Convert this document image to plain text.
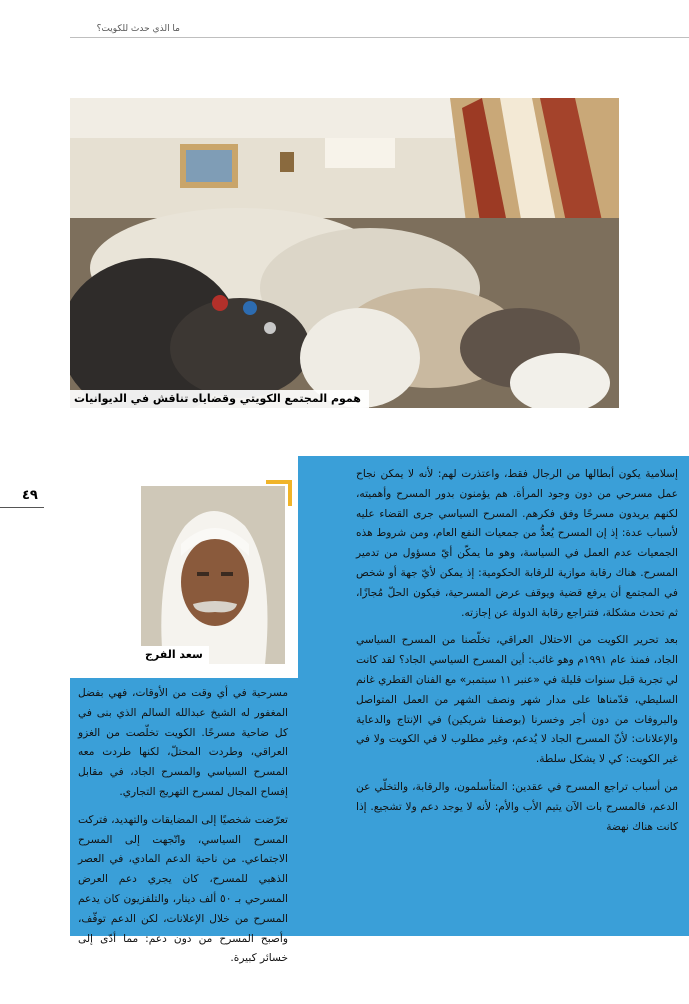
ما الذي حدث للكويت؟
هموم المجتمع الكويتي وقضاياه تناقش في الديوانيات
٤٩
سعد الفرج

إسلامية يكون أبطالها من الرجال فقط، واعتذرت لهم: لأنه لا يمكن نجاح عمل مسرحي من دون وجود المرأة. هم يؤمنون بدور المسرح وأهميته، لكنهم يريدون مسرحًا وفق فكرهم. المسرح السياسي جرى القضاء عليه لأسباب عدة: إذ إن المسرح يُعدُّ من جمعيات النفع العام، ومن شروط هذه الجمعيات عدم العمل في السياسة، وهو ما يمكّن أيّ مسؤول من تدمير المسرح. هناك رقابة موازية للرقابة الحكومية: إذ يمكن لأيّ جهة أو شخص في المجتمع أن يرفع قضية ويوقف عرض المسرحية، فيكون الحلّ مُجازًا، ثم تحدث مشكلة، فتتراجع رقابة الدولة عن إجازته.

بعد تحرير الكويت من الاحتلال العراقي، تخلّصنا من المسرح السياسي الجاد، فمنذ عام ١٩٩١م وهو غائب: أين المسرح السياسي الجاد؟ لقد كانت لي تجربة قبل سنوات قليلة في «عنبر ١١ سبتمبر» مع الفنان القطري غانم السليطي، قدّمناها على مدار شهر ونصف الشهر من العمل المتواصل والبروفات من دون أجر وخسرنا (بوصفنا شريكين) في الإنتاج والدعاية والإعلانات: لأنّ المسرح الجاد لا يُدعم، وغير مطلوب لا في الكويت ولا في غير الكويت: كي لا يشكل سلطة.

من أسباب تراجع المسرح في عقدين: المتأسلمون، والرقابة، والتخلّي عن الدعم، فالمسرح بات الآن يتيم الأب والأم: لأنه لا يوجد دعم ولا تشجيع. إذا كانت هناك نهضة

مسرحية في أي وقت من الأوقات، فهي بفضل المغفور له الشيخ عبدالله السالم الذي بنى في كل ضاحية مسرحًا. الكويت تخلّصت من الغزو العراقي، وطردت المحتلّ، لكنها طردت معه المسرح السياسي والمسرح الجاد، في مقابل إفساح المجال لمسرح التهريج التجاري.

تعرّضت شخصيًا إلى المضايقات والتهديد، فتركت المسرح السياسي، واتّجهت إلى المسرح الاجتماعي. من ناحية الدعم المادي، في العصر الذهبي للمسرح، كان يجري دعم العرض المسرحي بـ ٥٠ ألف دينار، والتلفزيون كان يدعم المسرح من خلال الإعلانات، لكن الدعم توقّف، وأصبح المسرح من دون دعم: مما أدّى إلى خسائر كبيرة.
